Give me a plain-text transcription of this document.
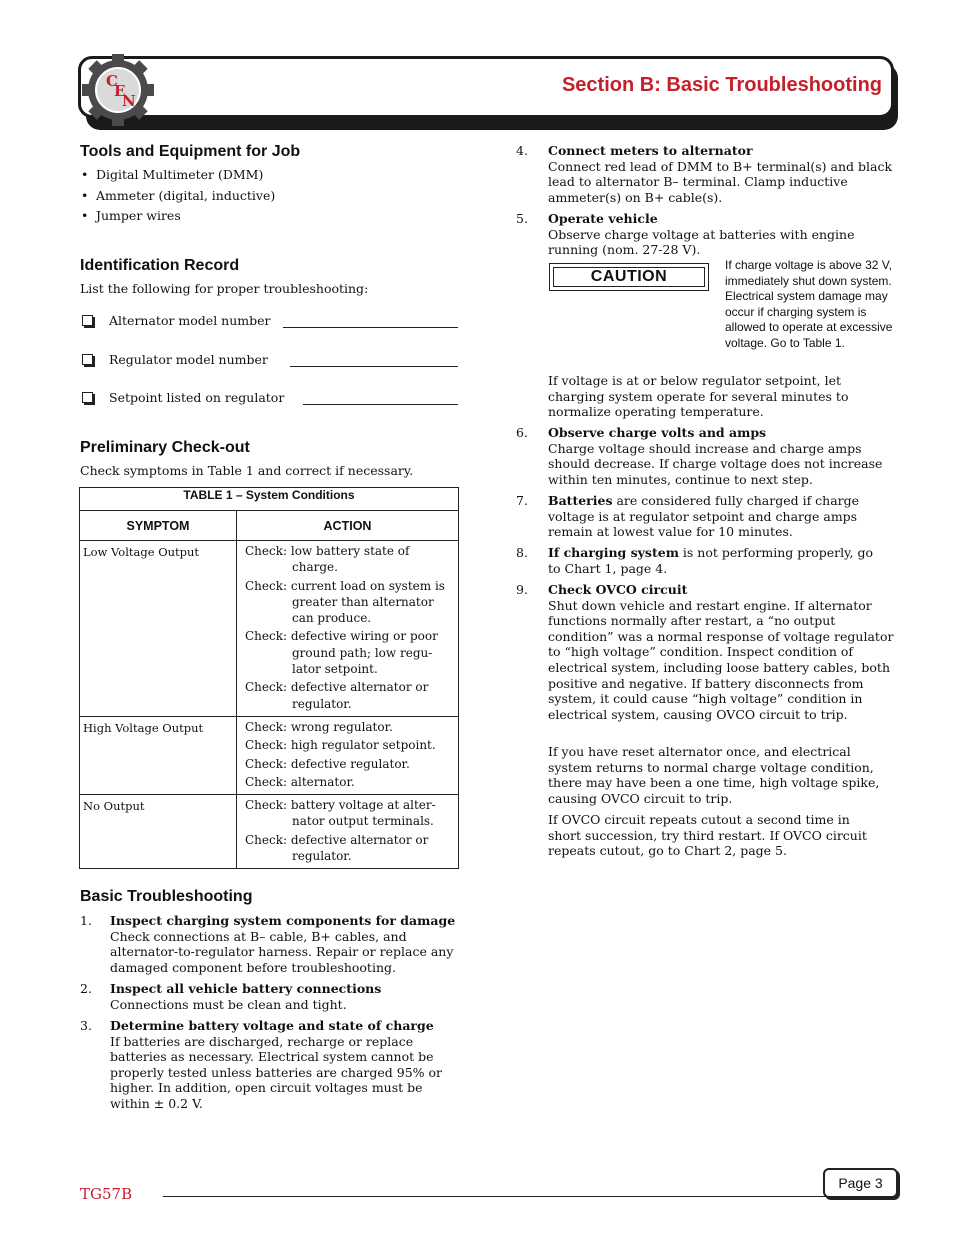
C
E
N
Section B: Basic Troubleshooting
Tools and Equipment for Job
• Digital Multimeter (DMM)
• Ammeter (digital, inductive)
• Jumper wires
Identification Record
List the following for proper troubleshooting:
Alternator model number
Regulator model number
Setpoint listed on regulator
Preliminary Check-out
Check symptoms in Table 1 and correct if necessary.
TABLE 1 – System Conditions	
SYMPTOM	ACTION
Low Voltage Output	Check: low battery state of charge.
Check: current load on system is greater than alternator can produce.
Check: defective wiring or poor ground path; low regulator setpoint.
Check: defective alternator or regulator.

High Voltage Output	Check: wrong regulator.
Check: high regulator setpoint.
Check: defective regulator.
Check: alternator.

No Output	Check: battery voltage at alternator output terminals.
Check: defective alternator or regulator.
Basic Troubleshooting
1. Inspect charging system components for damage
Check connections at B– cable, B+ cables, and alternator-to-regulator harness. Repair or replace any damaged component before troubleshooting.
2. Inspect all vehicle battery connections
Connections must be clean and tight.
3. Determine battery voltage and state of charge
If batteries are discharged, recharge or replace batteries as necessary. Electrical system cannot be properly tested unless batteries are charged 95% or higher. In addition, open circuit voltages must be within ± 0.2 V.
4. Connect meters to alternator
Connect red lead of DMM to B+ terminal(s) and black lead to alternator B– terminal. Clamp inductive ammeter(s) on B+ cable(s).
5. Operate vehicle
Observe charge voltage at batteries with engine running (nom. 27-28 V).
CAUTION
If charge voltage is above 32 V, immediately shut down system. Electrical system damage may occur if charging system is allowed to operate at excessive voltage. Go to Table 1.
If voltage is at or below regulator setpoint, let charging system operate for several minutes to normalize operating temperature.
6. Observe charge volts and amps
Charge voltage should increase and charge amps should decrease. If charge voltage does not increase within ten minutes, continue to next step.
7. Batteries are considered fully charged if charge voltage is at regulator setpoint and charge amps remain at lowest value for 10 minutes.
8. If charging system is not performing properly, go to Chart 1, page 4.
9. Check OVCO circuit
Shut down vehicle and restart engine. If alternator functions normally after restart, a “no output condition” was a normal response of voltage regulator to “high voltage” condition. Inspect condition of electrical system, including loose battery cables, both positive and negative. If battery disconnects from system, it could cause “high voltage” condition in electrical system, causing OVCO circuit to trip.
If you have reset alternator once, and electrical system returns to normal charge voltage condition, there may have been a one time, high voltage spike, causing OVCO circuit to trip.
If OVCO circuit repeats cutout a second time in short succession, try third restart. If OVCO circuit repeats cutout, go to Chart 2, page 5.
TG57B
Page 3
